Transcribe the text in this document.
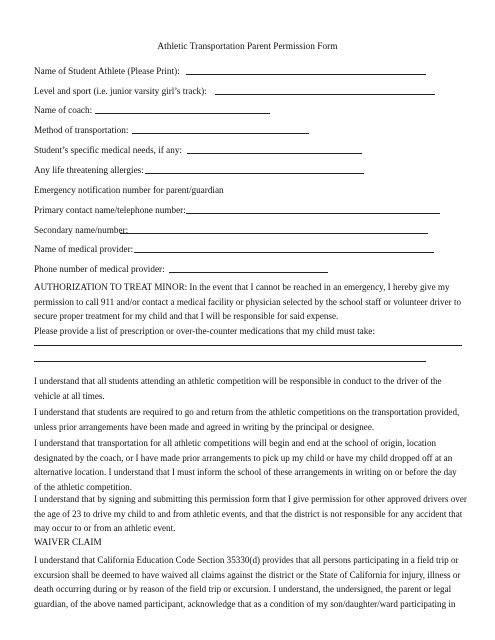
Athletic Transportation Parent Permission Form
Name of Student Athlete (Please Print):
Level and sport (i.e. junior varsity girl’s track):
Name of coach:
Method of transportation:
Student’s specific medical needs, if any:
Any life threatening allergies:
Emergency notification number for parent/guardian
Primary contact name/telephone number:
Secondary name/number:
Name of medical provider:
Phone number of medical provider:
AUTHORIZATION TO TREAT MINOR: In the event that I cannot be reached in an emergency, I hereby give my
permission to call 911 and/or contact a medical facility or physician selected by the school staff or volunteer driver to
secure proper treatment for my child and that I will be responsible for said expense.
Please provide a list of prescription or over-the-counter medications that my child must take:
I understand that all students attending an athletic competition will be responsible in conduct to the driver of the
vehicle at all times.
I understand that students are required to go and return from the athletic competitions on the transportation provided,
unless prior arrangements have been made and agreed in writing by the principal or designee.
I understand that transportation for all athletic competitions will begin and end at the school of origin, location
designated by the coach, or I have made prior arrangements to pick up my child or have my child dropped off at an
alternative location. I understand that I must inform the school of these arrangements in writing on or before the day
of the athletic competition.
I understand that by signing and submitting this permission form that I give permission for other approved drivers over
the age of 23 to drive my child to and from athletic events, and that the district is not responsible for any accident that
may occur to or from an athletic event.
WAIVER CLAIM
I understand that California Education Code Section 35330(d) provides that all persons participating in a field trip or
excursion shall be deemed to have waived all claims against the district or the State of California for injury, illness or
death occurring during or by reason of the field trip or excursion. I understand, the undersigned, the parent or legal
guardian, of the above named participant, acknowledge that as a condition of my son/daughter/ward participating in
